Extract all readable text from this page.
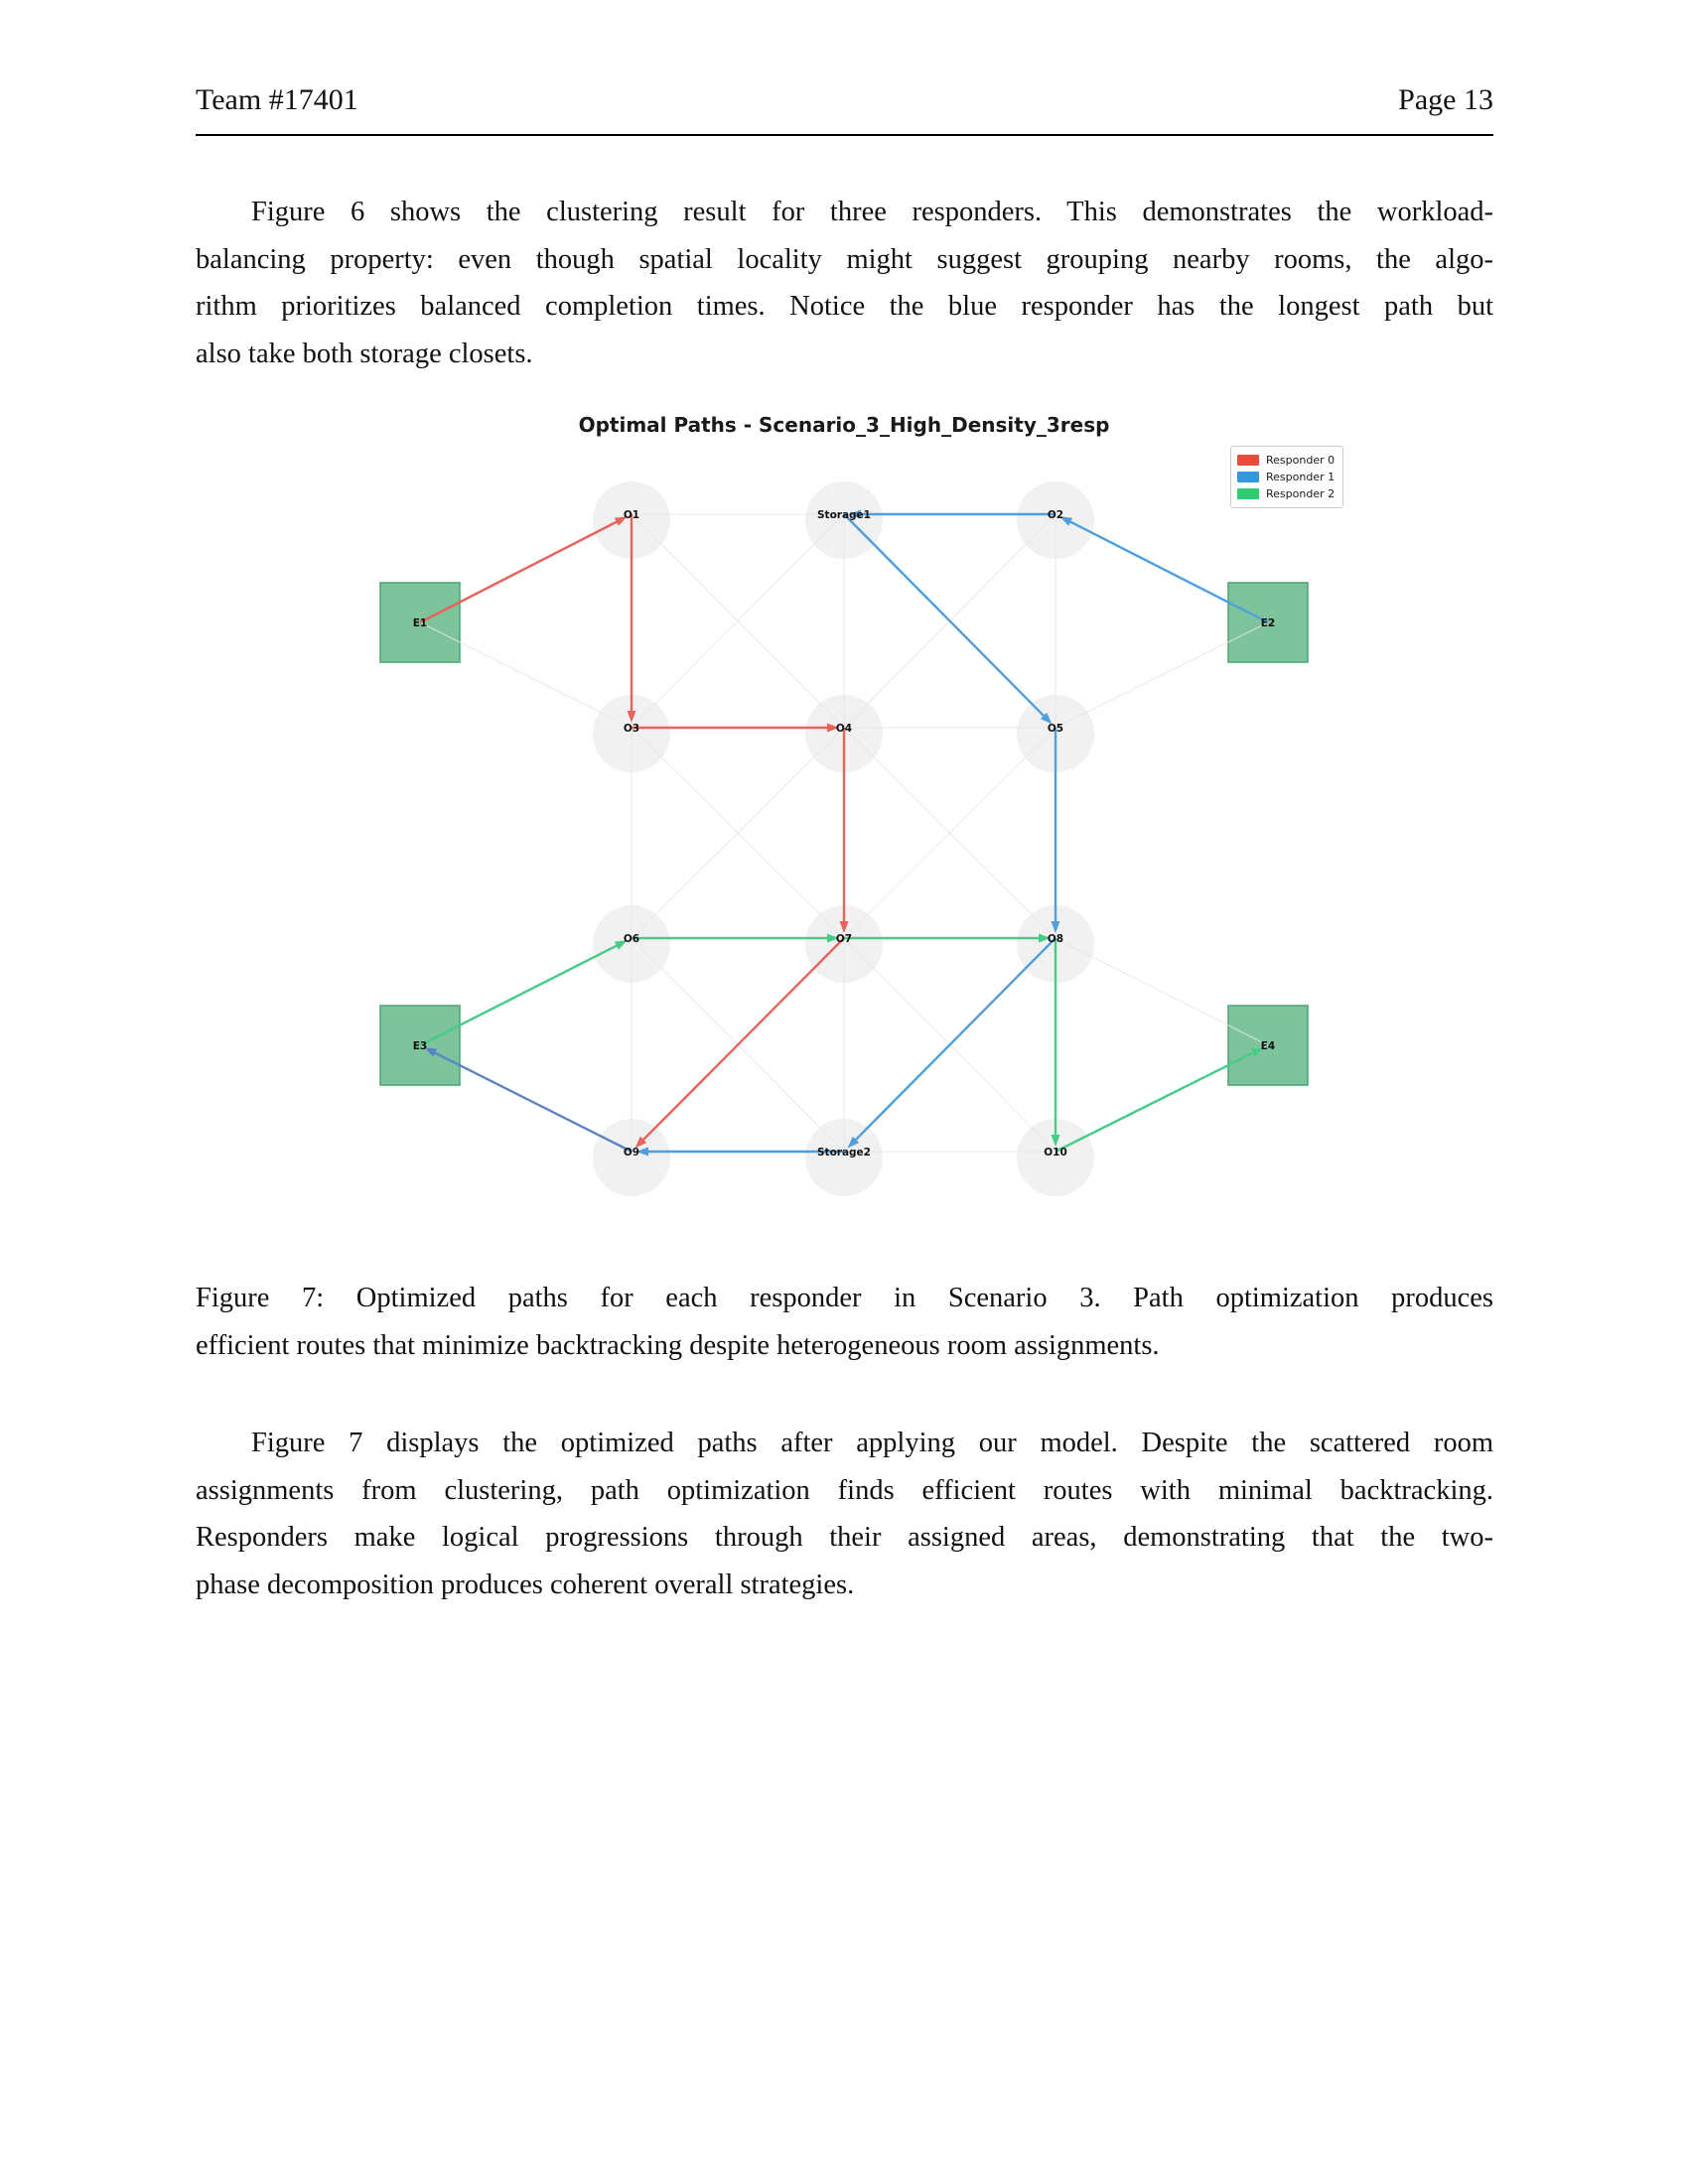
Team #17401	Page 13
Figure 6 shows the clustering result for three responders. This demonstrates the workload-
balancing property: even though spatial locality might suggest grouping nearby rooms, the algo-
rithm prioritizes balanced completion times. Notice the blue responder has the longest path but
also take both storage closets.
Optimal Paths - Scenario_3_High_Density_3resp
Responder 0
Responder 1
Responder 2
O1	Storage1	O2
E1	E2
O3	O4	O5
O6	O7	O8
E3	E4
O9	Storage2	O10
Figure 7: Optimized paths for each responder in Scenario 3. Path optimization produces
efficient routes that minimize backtracking despite heterogeneous room assignments.
Figure 7 displays the optimized paths after applying our model. Despite the scattered room
assignments from clustering, path optimization finds efficient routes with minimal backtracking.
Responders make logical progressions through their assigned areas, demonstrating that the two-
phase decomposition produces coherent overall strategies.
